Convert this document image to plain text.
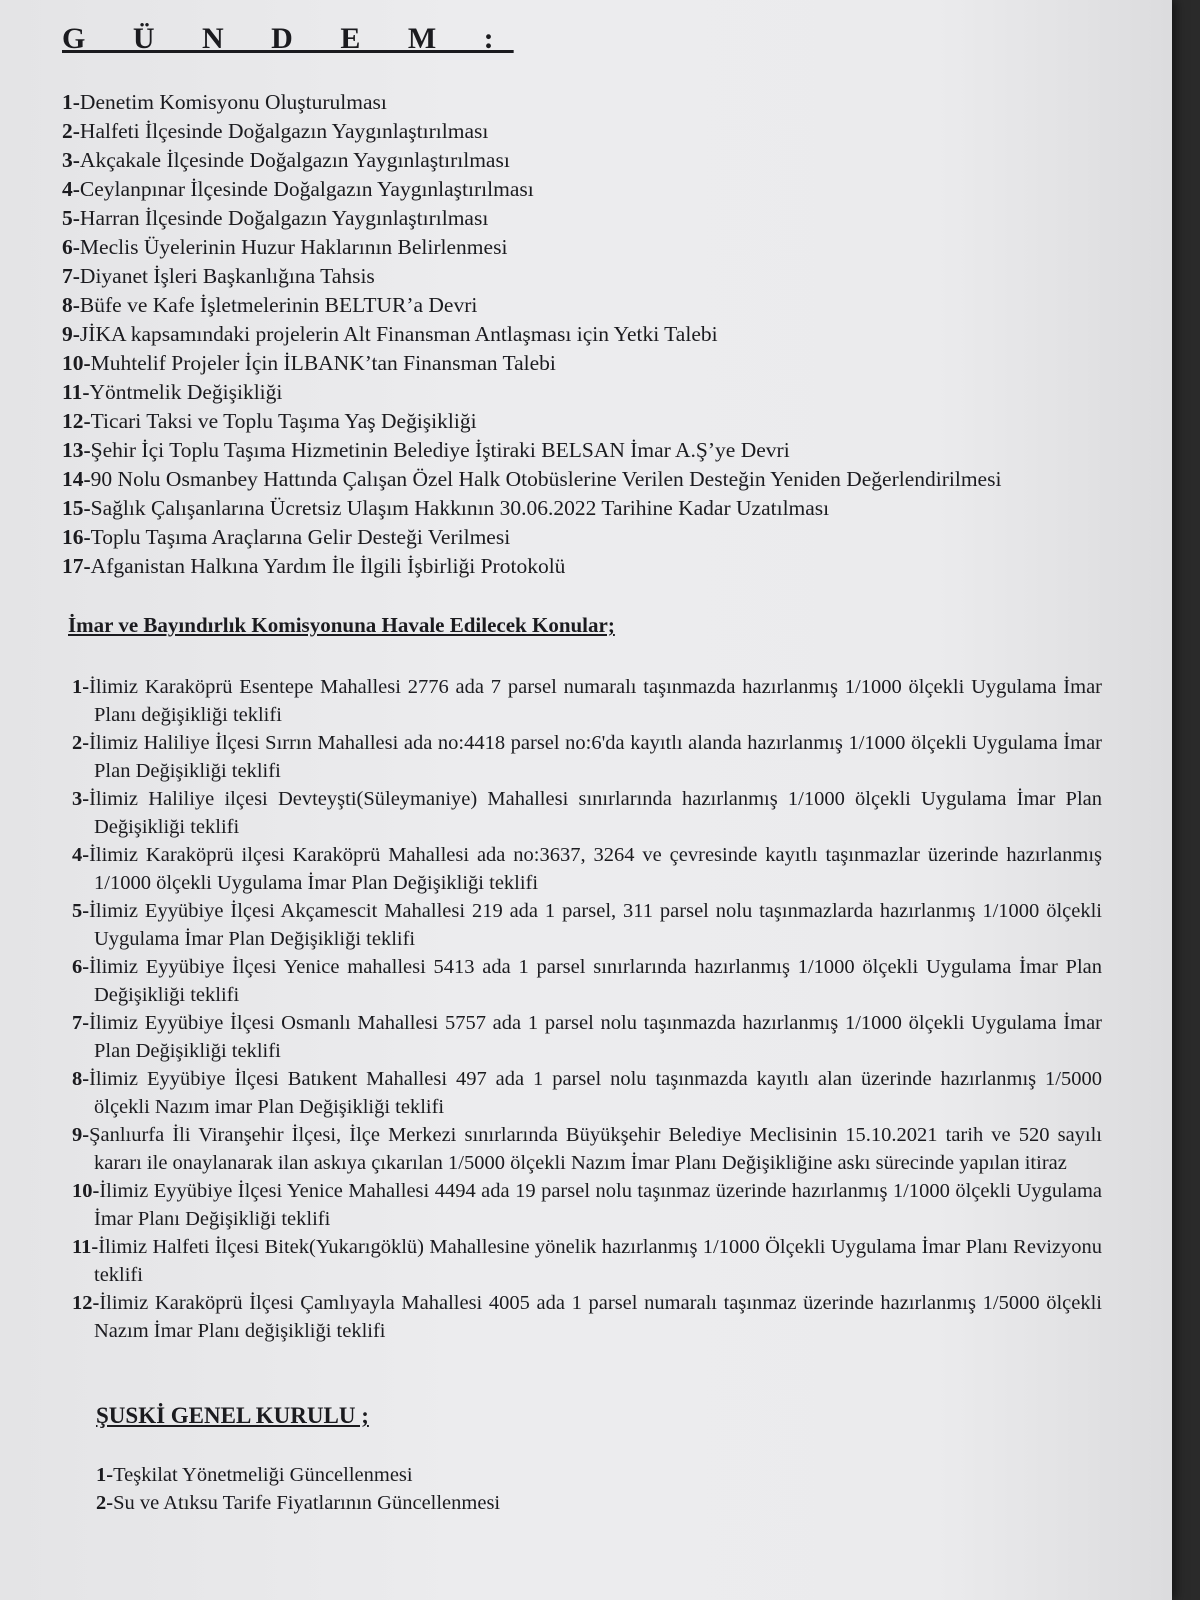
G Ü N D E M :
1-Denetim Komisyonu Oluşturulması
2-Halfeti İlçesinde Doğalgazın Yaygınlaştırılması
3-Akçakale İlçesinde Doğalgazın Yaygınlaştırılması
4-Ceylanpınar İlçesinde Doğalgazın Yaygınlaştırılması
5-Harran İlçesinde Doğalgazın Yaygınlaştırılması
6-Meclis Üyelerinin Huzur Haklarının Belirlenmesi
7-Diyanet İşleri Başkanlığına Tahsis
8-Büfe ve Kafe İşletmelerinin BELTUR’a Devri
9-JİKA kapsamındaki projelerin Alt Finansman Antlaşması için Yetki Talebi
10-Muhtelif Projeler İçin İLBANK’tan Finansman Talebi
11-Yöntmelik Değişikliği
12-Ticari Taksi ve Toplu Taşıma Yaş Değişikliği
13-Şehir İçi Toplu Taşıma Hizmetinin Belediye İştiraki BELSAN İmar A.Ş’ye Devri
14-90 Nolu Osmanbey Hattında Çalışan Özel Halk Otobüslerine Verilen Desteğin Yeniden Değerlendirilmesi
15-Sağlık Çalışanlarına Ücretsiz Ulaşım Hakkının 30.06.2022 Tarihine Kadar Uzatılması
16-Toplu Taşıma Araçlarına Gelir Desteği Verilmesi
17-Afganistan Halkına Yardım İle İlgili İşbirliği Protokolü
İmar ve Bayındırlık Komisyonuna Havale Edilecek Konular;
1-İlimiz Karaköprü Esentepe Mahallesi 2776 ada 7 parsel numaralı taşınmazda hazırlanmış 1/1000 ölçekli Uygulama İmar Planı değişikliği teklifi
2-İlimiz Haliliye İlçesi Sırrın Mahallesi ada no:4418 parsel no:6'da kayıtlı alanda hazırlanmış 1/1000 ölçekli Uygulama İmar Plan Değişikliği teklifi
3-İlimiz Haliliye ilçesi Devteyşti(Süleymaniye) Mahallesi sınırlarında hazırlanmış 1/1000 ölçekli Uygulama İmar Plan Değişikliği teklifi
4-İlimiz Karaköprü ilçesi Karaköprü Mahallesi ada no:3637, 3264 ve çevresinde kayıtlı taşınmazlar üzerinde hazırlanmış 1/1000 ölçekli Uygulama İmar Plan Değişikliği teklifi
5-İlimiz Eyyübiye İlçesi Akçamescit Mahallesi 219 ada 1 parsel, 311 parsel nolu taşınmazlarda hazırlanmış 1/1000 ölçekli Uygulama İmar Plan Değişikliği teklifi
6-İlimiz Eyyübiye İlçesi Yenice mahallesi 5413 ada 1 parsel sınırlarında hazırlanmış 1/1000 ölçekli Uygulama İmar Plan Değişikliği teklifi
7-İlimiz Eyyübiye İlçesi Osmanlı Mahallesi 5757 ada 1 parsel nolu taşınmazda hazırlanmış 1/1000 ölçekli Uygulama İmar Plan Değişikliği teklifi
8-İlimiz Eyyübiye İlçesi Batıkent Mahallesi 497 ada 1 parsel nolu taşınmazda kayıtlı alan üzerinde hazırlanmış 1/5000 ölçekli Nazım imar Plan Değişikliği teklifi
9-Şanlıurfa İli Viranşehir İlçesi, İlçe Merkezi sınırlarında Büyükşehir Belediye Meclisinin 15.10.2021 tarih ve 520 sayılı kararı ile onaylanarak ilan askıya çıkarılan 1/5000 ölçekli Nazım İmar Planı Değişikliğine askı sürecinde yapılan itiraz
10-İlimiz Eyyübiye İlçesi Yenice Mahallesi 4494 ada 19 parsel nolu taşınmaz üzerinde hazırlanmış 1/1000 ölçekli Uygulama İmar Planı Değişikliği teklifi
11-İlimiz Halfeti İlçesi Bitek(Yukarıgöklü) Mahallesine yönelik hazırlanmış 1/1000 Ölçekli Uygulama İmar Planı Revizyonu teklifi
12-İlimiz Karaköprü İlçesi Çamlıyayla Mahallesi 4005 ada 1 parsel numaralı taşınmaz üzerinde hazırlanmış 1/5000 ölçekli Nazım İmar Planı değişikliği teklifi
ŞUSKİ GENEL KURULU ;
1-Teşkilat Yönetmeliği Güncellenmesi
2-Su ve Atıksu Tarife Fiyatlarının Güncellenmesi
